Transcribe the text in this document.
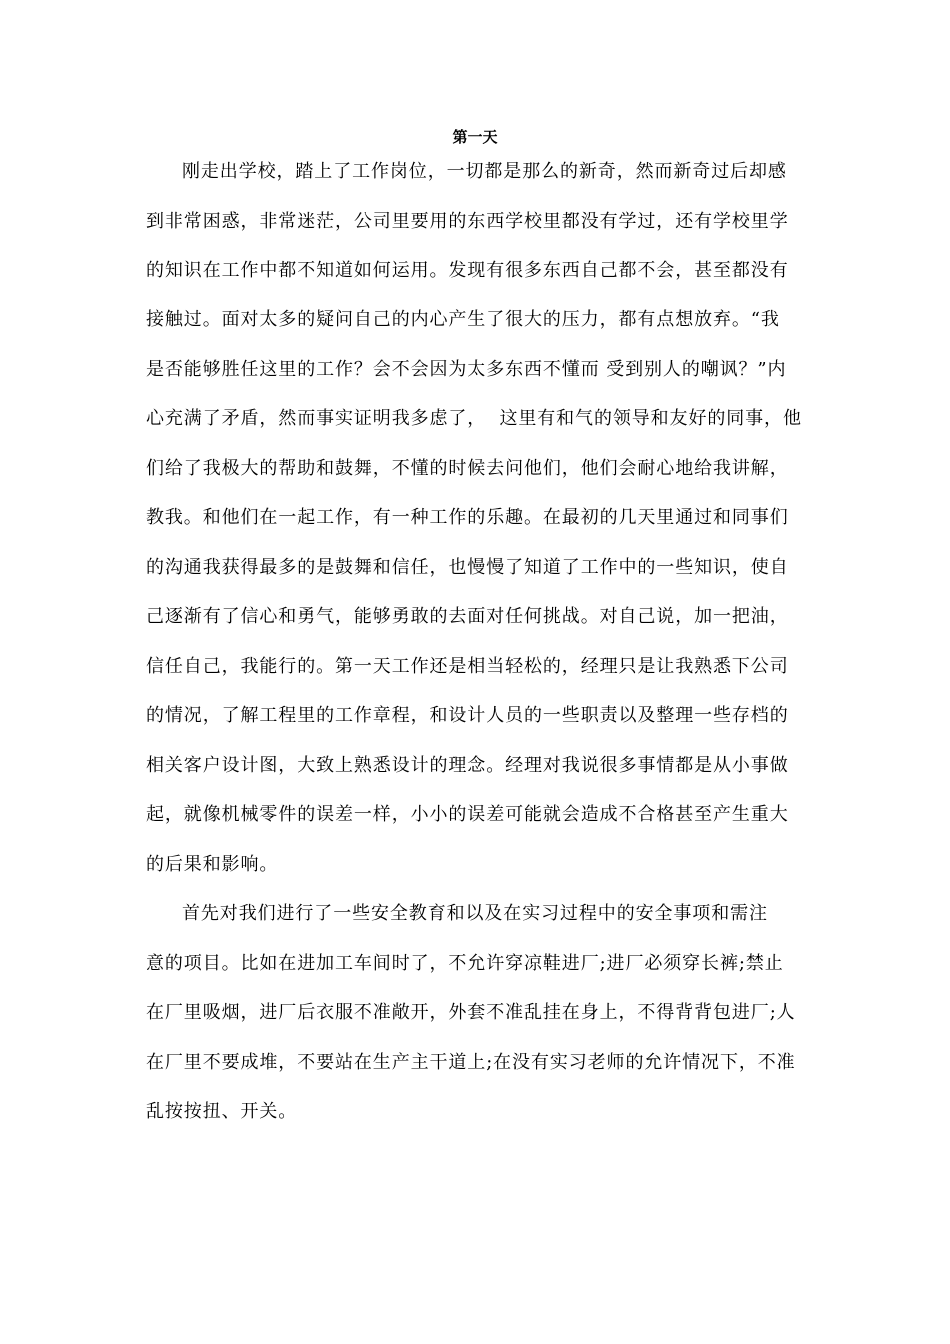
第一天
刚走出学校，踏上了工作岗位，一切都是那么的新奇，然而新奇过后却感
到非常困惑，非常迷茫，公司里要用的东西学校里都没有学过，还有学校里学
的知识在工作中都不知道如何运用。发现有很多东西自己都不会，甚至都没有
接触过。面对太多的疑问自己的内心产生了很大的压力，都有点想放弃。“我
是否能够胜任这里的工作？会不会因为太多东西不懂而 受到别人的嘲讽？”内
心充满了矛盾，然而事实证明我多虑了，  这里有和气的领导和友好的同事，他
们给了我极大的帮助和鼓舞，不懂的时候去问他们，他们会耐心地给我讲解，
教我。和他们在一起工作，有一种工作的乐趣。在最初的几天里通过和同事们
的沟通我获得最多的是鼓舞和信任，也慢慢了知道了工作中的一些知识，使自
己逐渐有了信心和勇气，能够勇敢的去面对任何挑战。对自己说，加一把油，
信任自己，我能行的。第一天工作还是相当轻松的，经理只是让我熟悉下公司
的情况，了解工程里的工作章程，和设计人员的一些职责以及整理一些存档的
相关客户设计图，大致上熟悉设计的理念。经理对我说很多事情都是从小事做
起，就像机械零件的误差一样，小小的误差可能就会造成不合格甚至产生重大
的后果和影响。
首先对我们进行了一些安全教育和以及在实习过程中的安全事项和需注
意的项目。比如在进加工车间时了，不允许穿凉鞋进厂;进厂必须穿长裤;禁止
在厂里吸烟，进厂后衣服不准敞开，外套不准乱挂在身上，不得背背包进厂;人
在厂里不要成堆，不要站在生产主干道上;在没有实习老师的允许情况下，不准
乱按按扭、开关。
